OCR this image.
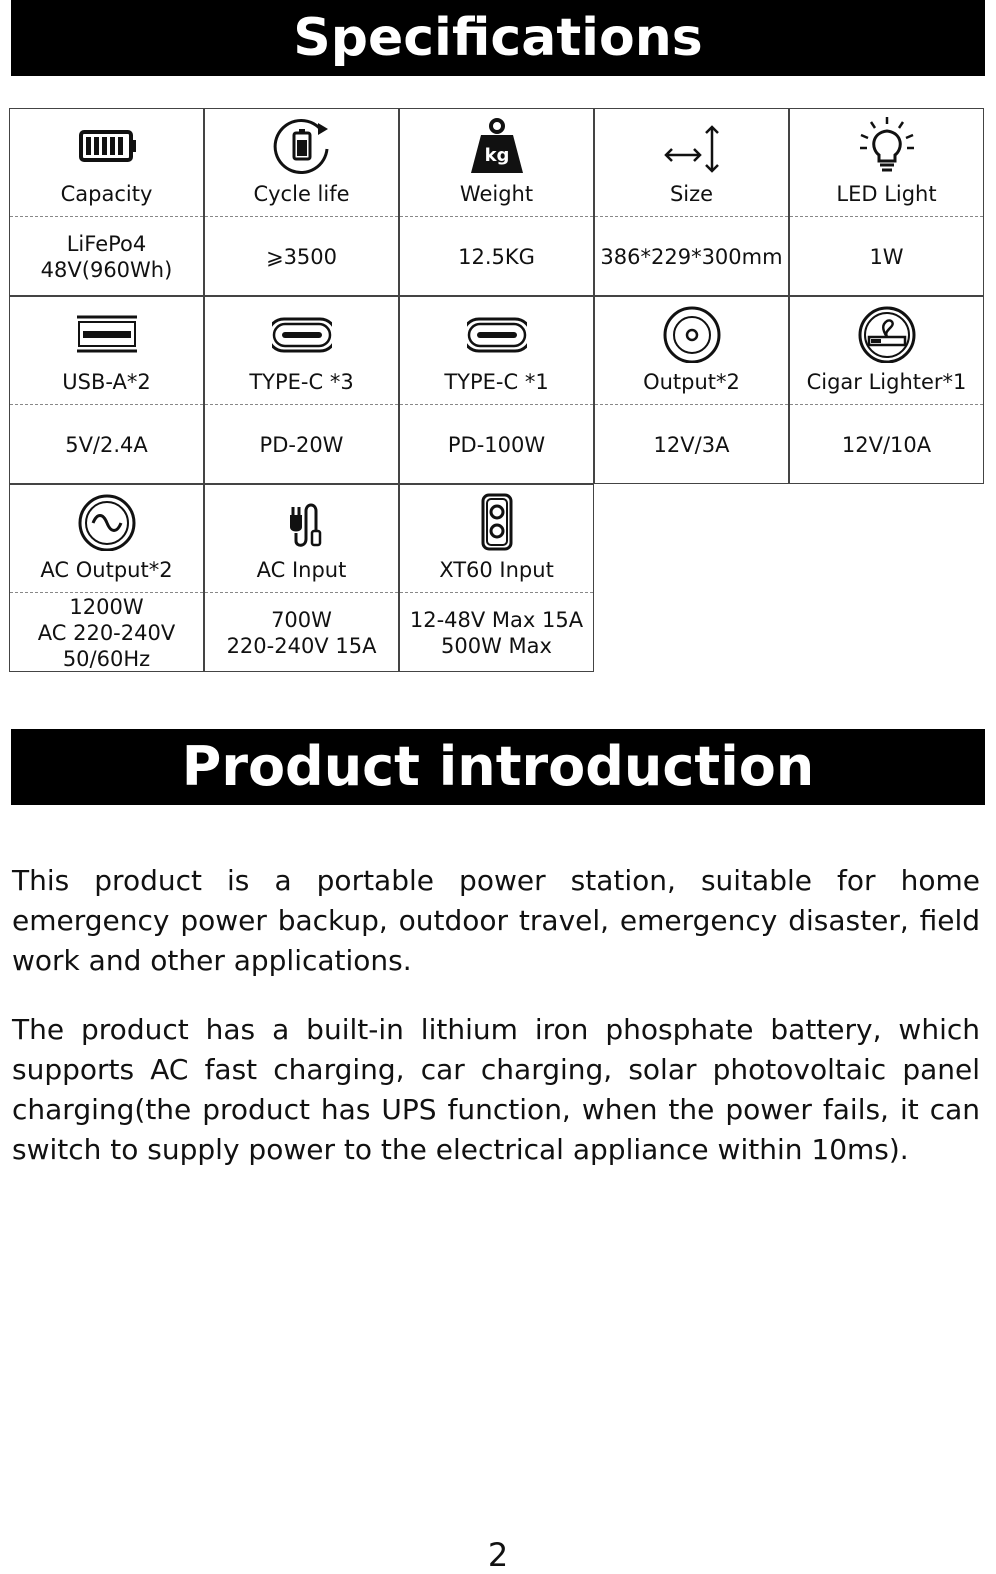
Specifications
Capacity
LiFePo4
48V(960Wh)
Cycle life
⩾3500
kg
Weight
12.5KG
Size
386*229*300mm
LED Light
1W
USB-A*2
5V/2.4A
TYPE-C *3
PD-20W
TYPE-C *1
PD-100W
Output*2
12V/3A
Cigar Lighter*1
12V/10A
AC Output*2
1200W
AC 220-240V
50/60Hz
AC Input
700W
220-240V 15A
XT60 Input
12-48V Max 15A
500W Max
Product introduction

This product is a portable power station, suitable for home emergency power backup, outdoor travel, emergency disaster, field work and other applications.

The product has a built-in lithium iron phosphate battery, which supports AC fast charging, car charging, solar photovoltaic panel charging(the product has UPS function, when the power fails, it can switch to supply power to the electrical appliance within 10ms).

2
